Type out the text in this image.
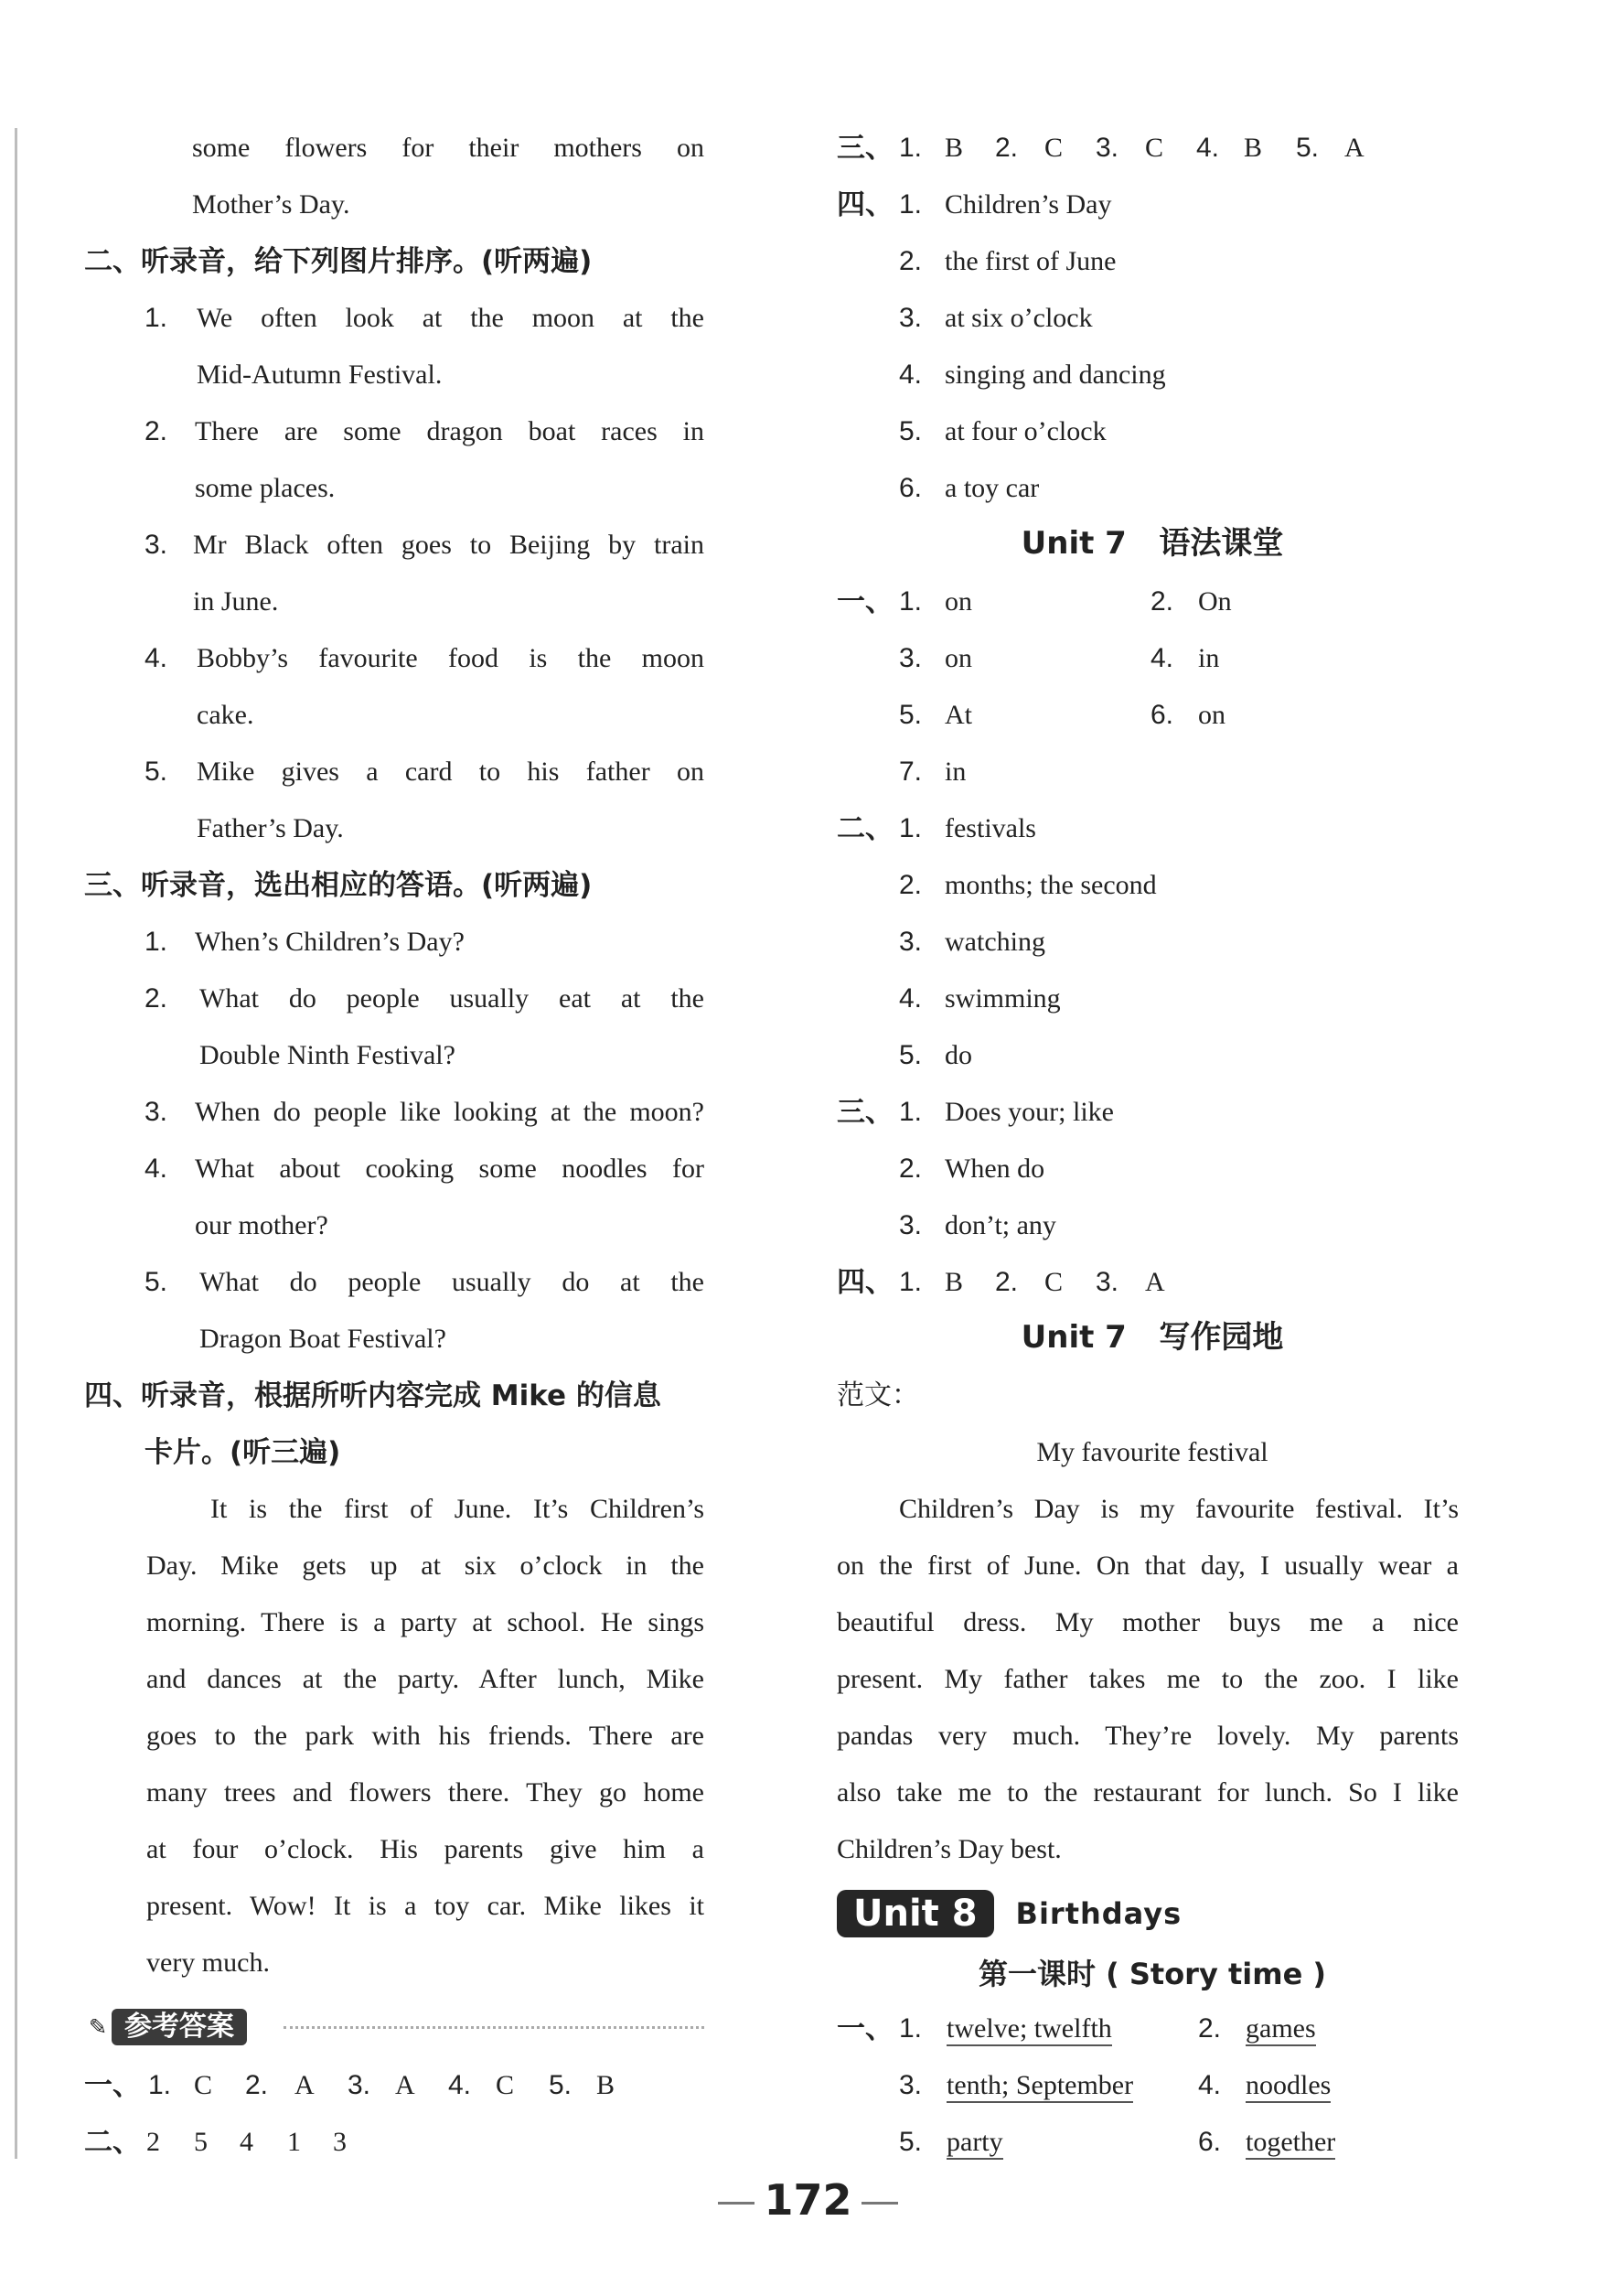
some flowers for their mothers on
Mother’s Day.
二、听录音，给下列图片排序。(听两遍)
1. We often look at the moon at the
Mid-Autumn Festival.
2. There are some dragon boat races in
some places.
3. Mr Black often goes to Beijing by train
in June.
4. Bobby’s favourite food is the moon
cake.
5. Mike gives a card to his father on
Father’s Day.
三、听录音，选出相应的答语。(听两遍)
1. When’s Children’s Day?
2. What do people usually eat at the
Double Ninth Festival?
3. When do people like looking at the moon?
4. What about cooking some noodles for
our mother?
5. What do people usually do at the
Dragon Boat Festival?
四、听录音，根据所听内容完成 Mike 的信息
卡片。(听三遍)
It is the first of June. It’s Children’s
Day. Mike gets up at six o’clock in the
morning. There is a party at school. He sings
and dances at the party. After lunch, Mike
goes to the park with his friends. There are
many trees and flowers there. They go home
at four o’clock. His parents give him a
present. Wow! It is a toy car. Mike likes it
very much.
✎ 参考答案
一、 1. C 2. A 3. A 4. C 5. B
二、 2 5 4 1 3
三、 1. B 2. C 3. C 4. B 5. A
四、 1. Children’s Day
2. the first of June
3. at six o’clock
4. singing and dancing
5. at four o’clock
6. a toy car
Unit 7   语法课堂
一、 1. on	2. On
3. on	4. in
5. At	6. on
7. in
二、 1. festivals
2. months; the second
3. watching
4. swimming
5. do
三、 1. Does your; like
2. When do
3. don’t; any
四、 1. B 2. C 3. A
Unit 7   写作园地
范文：
My favourite festival
Children’s Day is my favourite festival. It’s
on the first of June. On that day, I usually wear a
beautiful dress. My mother buys me a nice
present. My father takes me to the zoo. I like
pandas very much. They’re lovely. My parents
also take me to the restaurant for lunch. So I like
Children’s Day best.
第一课时 ( Story time )
一、 1. twelve; twelfth	2. games
3. tenth; September 4. noodles
5. party	6. together
Unit 8	Birthdays
172
